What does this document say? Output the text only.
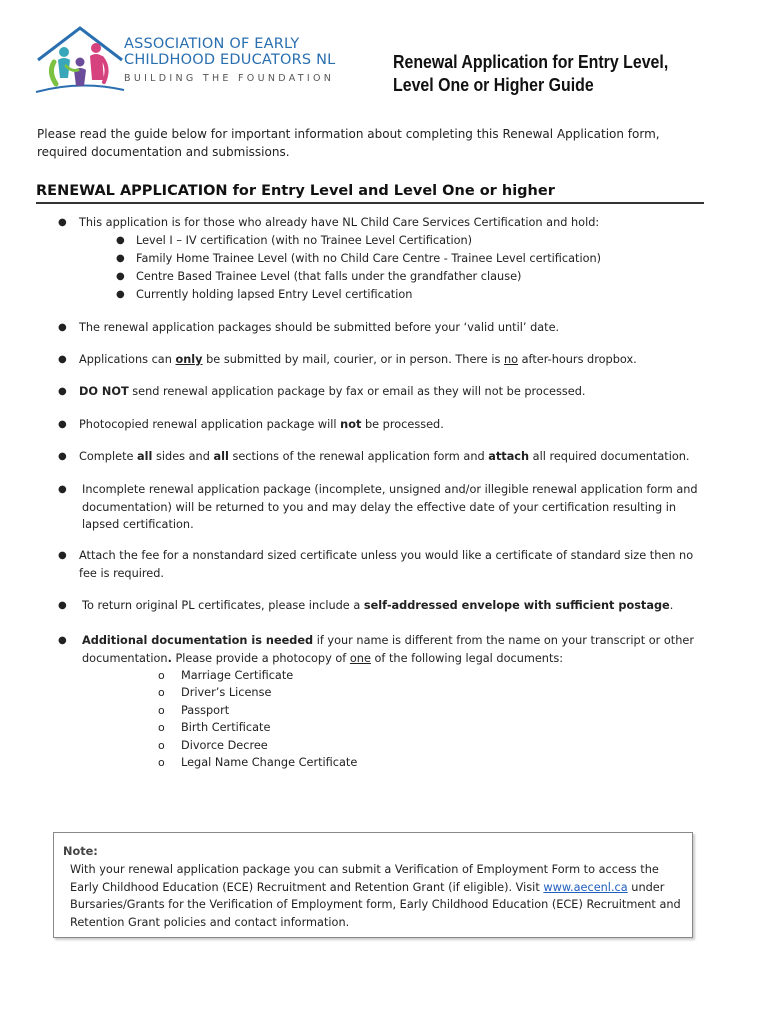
ASSOCIATION OF EARLY
CHILDHOOD EDUCATORS NL
BUILDING THE FOUNDATION
Renewal Application for Entry Level,
Level One or Higher Guide
Please read the guide below for important information about completing this Renewal Application form, required documentation and submissions.
RENEWAL APPLICATION for Entry Level and Level One or higher
● This application is for those who already have NL Child Care Services Certification and hold:
● Level I – IV certification (with no Trainee Level Certification)
● Family Home Trainee Level (with no Child Care Centre - Trainee Level certification)
● Centre Based Trainee Level (that falls under the grandfather clause)
● Currently holding lapsed Entry Level certification
● The renewal application packages should be submitted before your ‘valid until’ date.
● Applications can only be submitted by mail, courier, or in person. There is no after-hours dropbox.
● DO NOT send renewal application package by fax or email as they will not be processed.
● Photocopied renewal application package will not be processed.
● Complete all sides and all sections of the renewal application form and attach all required documentation.
● Incomplete renewal application package (incomplete, unsigned and/or illegible renewal application form and documentation) will be returned to you and may delay the effective date of your certification resulting in lapsed certification.
● Attach the fee for a nonstandard sized certificate unless you would like a certificate of standard size then no fee is required.
● To return original PL certificates, please include a self-addressed envelope with sufficient postage.
● Additional documentation is needed if your name is different from the name on your transcript or other documentation. Please provide a photocopy of one of the following legal documents:
o Marriage Certificate
o Driver’s License
o Passport
o Birth Certificate
o Divorce Decree
o Legal Name Change Certificate
Note:
With your renewal application package you can submit a Verification of Employment Form to access the Early Childhood Education (ECE) Recruitment and Retention Grant (if eligible). Visit www.aecenl.ca under Bursaries/Grants for the Verification of Employment form, Early Childhood Education (ECE) Recruitment and Retention Grant policies and contact information.
